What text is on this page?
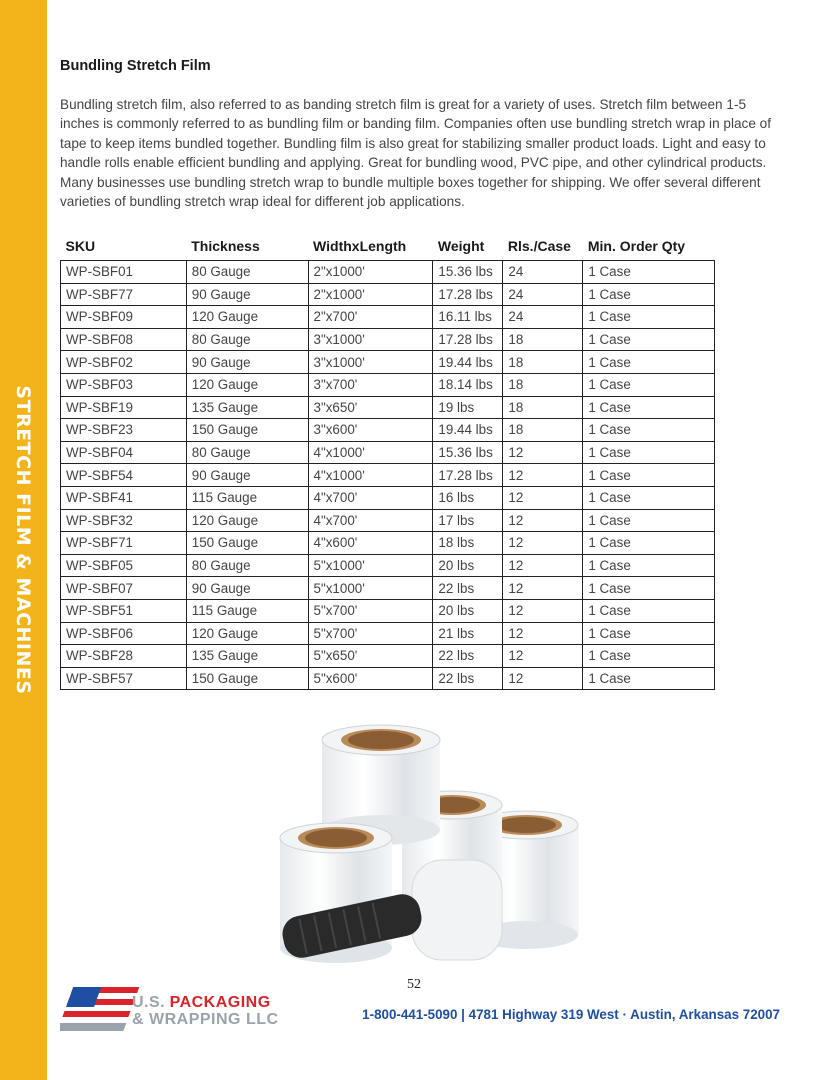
STRETCH FILM & MACHINES
Bundling Stretch Film
Bundling stretch film, also referred to as banding stretch film is great for a variety of uses. Stretch film between 1-5 inches is commonly referred to as bundling film or banding film. Companies often use bundling stretch wrap in place of tape to keep items bundled together. Bundling film is also great for stabilizing smaller product loads. Light and easy to handle rolls enable efficient bundling and applying. Great for bundling wood, PVC pipe, and other cylindrical products. Many businesses use bundling stretch wrap to bundle multiple boxes together for shipping. We offer several different varieties of bundling stretch wrap ideal for different job applications.
SKU	Thickness	WidthxLength	Weight	Rls./Case	Min. Order Qty
WP-SBF01	80 Gauge	2"x1000'	15.36 lbs	24	1 Case
WP-SBF77	90 Gauge	2"x1000'	17.28 lbs	24	1 Case
WP-SBF09	120 Gauge	2"x700'	16.11 lbs	24	1 Case
WP-SBF08	80 Gauge	3"x1000'	17.28 lbs	18	1 Case
WP-SBF02	90 Gauge	3"x1000'	19.44 lbs	18	1 Case
WP-SBF03	120 Gauge	3"x700'	18.14 lbs	18	1 Case
WP-SBF19	135 Gauge	3"x650'	19 lbs	18	1 Case
WP-SBF23	150 Gauge	3"x600'	19.44 lbs	18	1 Case
WP-SBF04	80 Gauge	4"x1000'	15.36 lbs	12	1 Case
WP-SBF54	90 Gauge	4"x1000'	17.28 lbs	12	1 Case
WP-SBF41	115 Gauge	4"x700'	16 lbs	12	1 Case
WP-SBF32	120 Gauge	4"x700'	17 lbs	12	1 Case
WP-SBF71	150 Gauge	4"x600'	18 lbs	12	1 Case
WP-SBF05	80 Gauge	5"x1000'	20 lbs	12	1 Case
WP-SBF07	90 Gauge	5"x1000'	22 lbs	12	1 Case
WP-SBF51	115 Gauge	5"x700'	20 lbs	12	1 Case
WP-SBF06	120 Gauge	5"x700'	21 lbs	12	1 Case
WP-SBF28	135 Gauge	5"x650'	22 lbs	12	1 Case
WP-SBF57	150 Gauge	5"x600'	22 lbs	12	1 Case
52
U.S. PACKAGING
& WRAPPING LLC	1-800-441-5090 | 4781 Highway 319 West · Austin, Arkansas 72007
